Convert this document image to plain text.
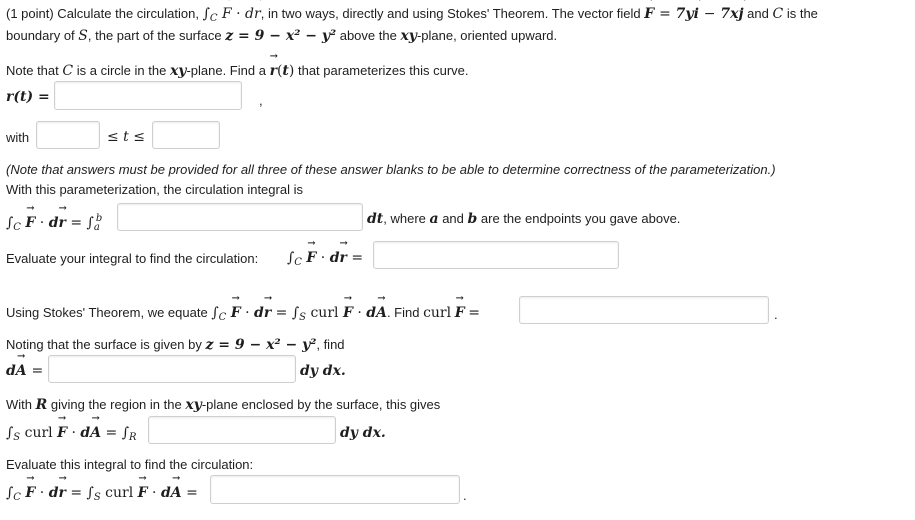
(1 point) Calculate the circulation, $\int_C \to F \cdot d\to r$, in two ways, directly and using Stokes' Theorem. The vector field → F = 7y→ i − 7x→ j and C is the
boundary of S, the part of the surface z = 9 − x² − y² above the xy-plane, oriented upward.
Note that C is a circle in the xy-plane. Find a → r(t) that parameterizes this curve.
r(t) =	,
with	≤ t ≤
(Note that answers must be provided for all three of these answer blanks to be able to determine correctness of the parameterization.)
With this parameterization, the circulation integral is
$\int_C \to F \cdot d\to r = \int_a^b$	dt, where a and b are the endpoints you gave above.
Evaluate your integral to find the circulation: $\int_C \to F \cdot d\to r$ =
Using Stokes' Theorem, we equate $\int_C \to F \cdot d\to r = \int_S$ curl → F · d→ A. Find curl → F =	.
Noting that the surface is given by z = 9 − x² − y², find
d→ A =	dy dx.
With R giving the region in the xy-plane enclosed by the surface, this gives
$\int_S$ curl → $F \cdot d\to A = \int_R$	dy dx.
Evaluate this integral to find the circulation:
$\int_C \to F \cdot d\to r = \int_S$ curl → F · d→ A =	.
